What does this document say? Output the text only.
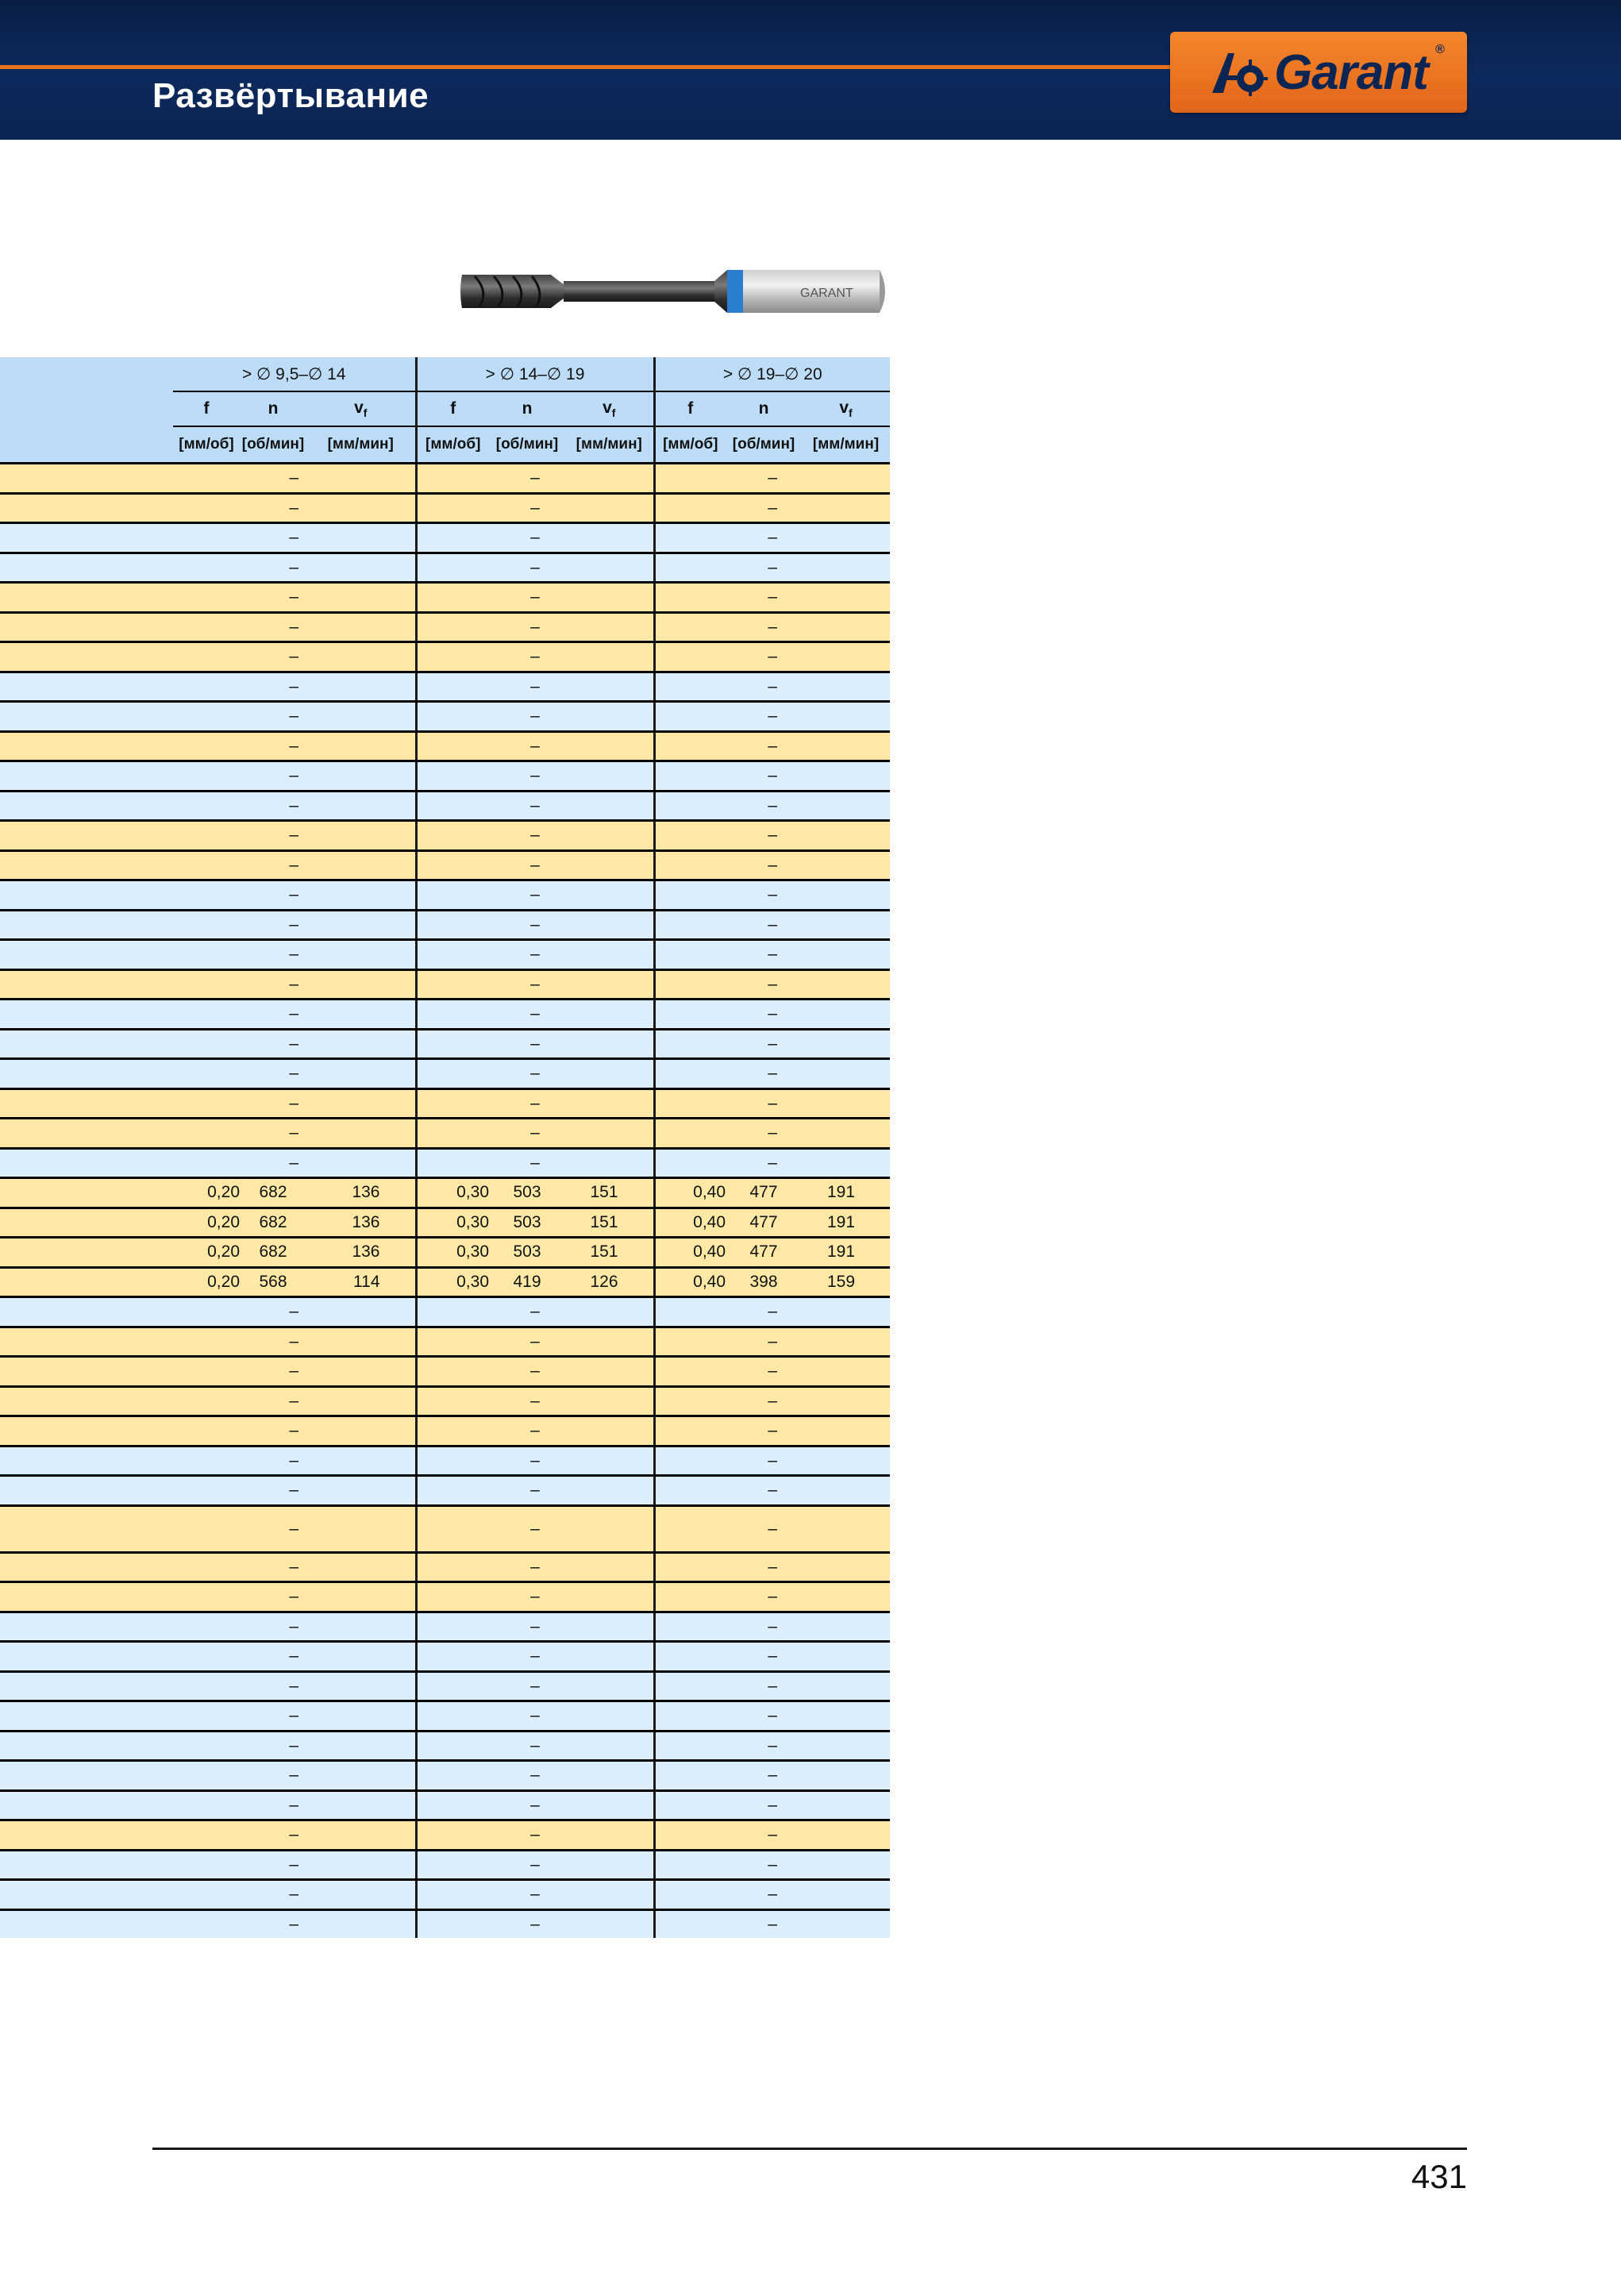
Развёртывание	Garant ®
GARANT
	> ∅ 9,5–∅ 14			> ∅ 14–∅ 19			> ∅ 19–∅ 20		
	f	n	$v_f$	f	n	$v_f$	f	n	$v_f$
	[мм/об]	[об/мин]	[мм/мин]	[мм/об]	[об/мин]	[мм/мин]	[мм/об]	[об/мин]	[мм/мин]
	–			–			–		
	–			–			–		
	–			–			–		
	–			–			–		
	–			–			–		
	–			–			–		
	–			–			–		
	–			–			–		
	–			–			–		
	–			–			–		
	–			–			–		
	–			–			–		
	–			–			–		
	–			–			–		
	–			–			–		
	–			–			–		
	–			–			–		
	–			–			–		
	–			–			–		
	–			–			–		
	–			–			–		
	–			–			–		
	–			–			–		
	–			–			–		
	0,20	682	136	0,30	503	151	0,40	477	191
	0,20	682	136	0,30	503	151	0,40	477	191
	0,20	682	136	0,30	503	151	0,40	477	191
	0,20	568	114	0,30	419	126	0,40	398	159
	–			–			–		
	–			–			–		
	–			–			–		
	–			–			–		
	–			–			–		
	–			–			–		
	–			–			–		
	–			–			–		
	–			–			–		
	–			–			–		
	–			–			–		
	–			–			–		
	–			–			–		
	–			–			–		
	–			–			–		
	–			–			–		
	–			–			–		
	–			–			–		
	–			–			–		
	–			–			–		
	–			–			–		
431
